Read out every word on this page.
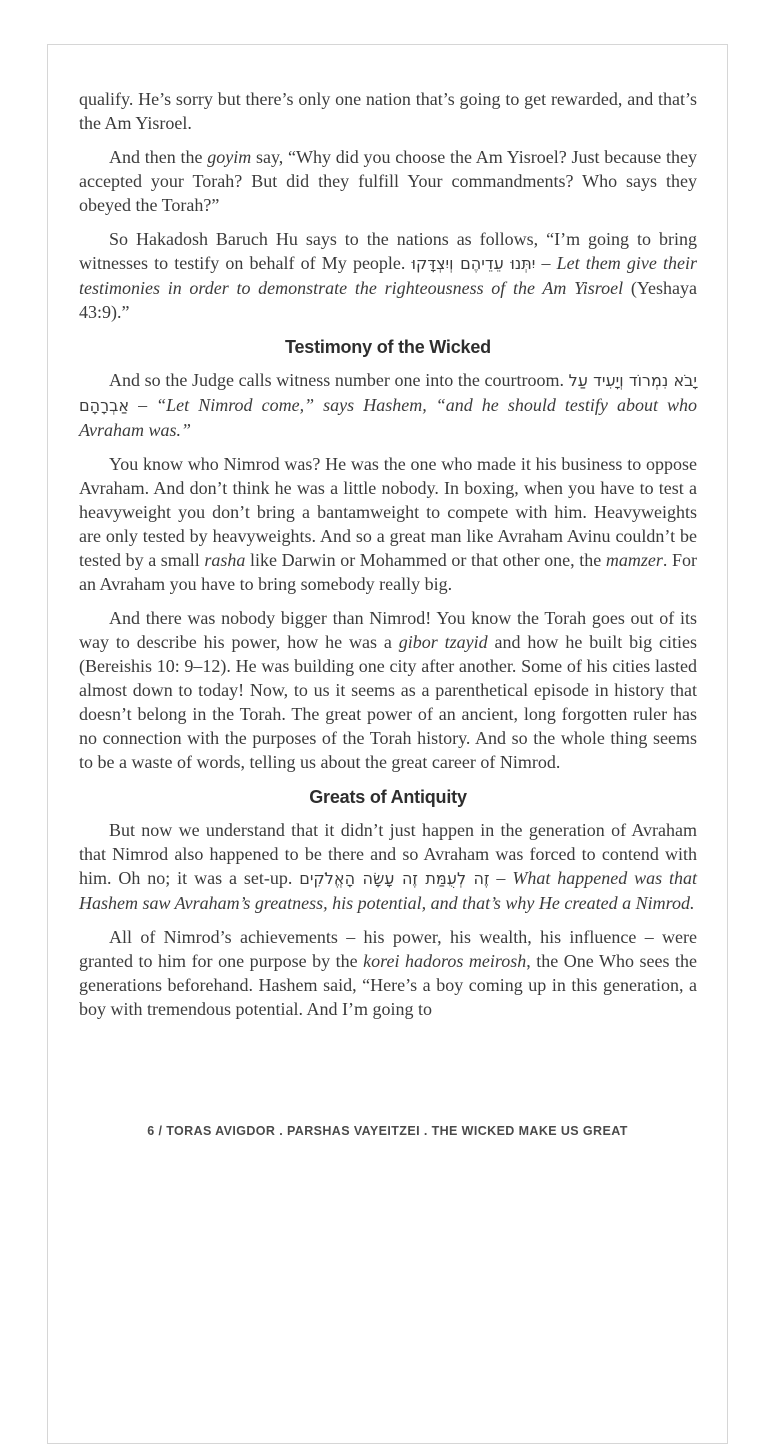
qualify. He’s sorry but there’s only one nation that’s going to get rewarded, and that’s the Am Yisroel.

And then the goyim say, “Why did you choose the Am Yisroel? Just because they accepted your Torah? But did they fulfill Your commandments? Who says they obeyed the Torah?”

So Hakadosh Baruch Hu says to the nations as follows, “I’m going to bring witnesses to testify on behalf of My people. יִתְּנוּ עֵדֵיהֶם וְיִצְדָּקוּ – Let them give their testimonies in order to demonstrate the righteousness of the Am Yisroel (Yeshaya 43:9).”

Testimony of the Wicked

And so the Judge calls witness number one into the courtroom. יָבֹא נִמְרוֹד וְיָעִיד עַל אַבְרָהָם – “Let Nimrod come,” says Hashem, “and he should testify about who Avraham was.”

You know who Nimrod was? He was the one who made it his business to oppose Avraham. And don’t think he was a little nobody. In boxing, when you have to test a heavyweight you don’t bring a bantamweight to compete with him. Heavyweights are only tested by heavyweights. And so a great man like Avraham Avinu couldn’t be tested by a small rasha like Darwin or Mohammed or that other one, the mamzer. For an Avraham you have to bring somebody really big.

And there was nobody bigger than Nimrod! You know the Torah goes out of its way to describe his power, how he was a gibor tzayid and how he built big cities (Bereishis 10: 9–12). He was building one city after another. Some of his cities lasted almost down to today! Now, to us it seems as a parenthetical episode in history that doesn’t belong in the Torah. The great power of an ancient, long forgotten ruler has no connection with the purposes of the Torah history. And so the whole thing seems to be a waste of words, telling us about the great career of Nimrod.

Greats of Antiquity

But now we understand that it didn’t just happen in the generation of Avraham that Nimrod also happened to be there and so Avraham was forced to contend with him. Oh no; it was a set-up. זֶה לְעֻמַּת זֶה עָשָׂה הָאֱלֹקִים – What happened was that Hashem saw Avraham’s greatness, his potential, and that’s why He created a Nimrod.

All of Nimrod’s achievements – his power, his wealth, his influence – were granted to him for one purpose by the korei hadoros meirosh, the One Who sees the generations beforehand. Hashem said, “Here’s a boy coming up in this generation, a boy with tremendous potential. And I’m going to

6 / TORAS AVIGDOR . PARSHAS VAYEITZEI . THE WICKED MAKE US GREAT
